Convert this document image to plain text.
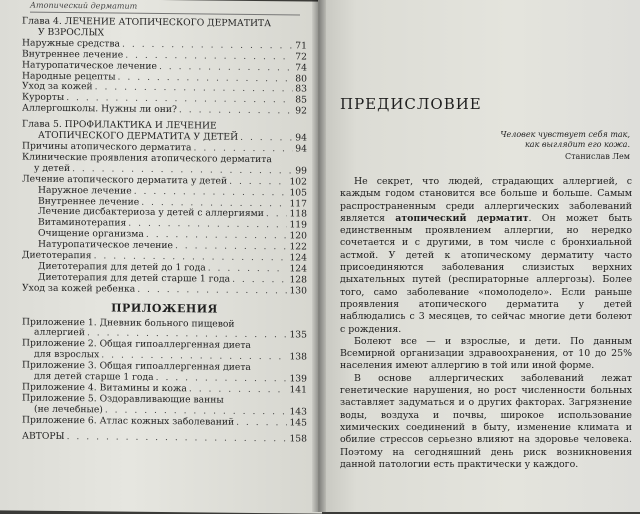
Атопический дерматит
Глава 4. ЛЕЧЕНИЕ АТОПИЧЕСКОГО ДЕРМАТИТА
У ВЗРОСЛЫХ
Наружные средства . . .	71
Внутреннее лечение . . .	72
Натуропатическое лечение . . .	74
Народные рецепты . . .	80
Уход за кожей . . .	83
Курорты . . .	85
Аллергошколы. Нужны ли они? . . .	92
Глава 5. ПРОФИЛАКТИКА И ЛЕЧЕНИЕ
АТОПИЧЕСКОГО ДЕРМАТИТА У ДЕТЕЙ . . .	94
Причины атопического дерматита . . .	94
Клинические проявления атопического дерматита
у детей . . .	99
Лечение атопического дерматита у детей . . .	102
Наружное лечение . . .	105
Внутреннее лечение . . .	117
Лечение дисбактериоза у детей с аллергиями . . .	118
Витаминотерапия . . .	119
Очищение организма . . .	120
Натуропатическое лечение . . .	122
Диетотерапия . . .	124
Диетотерапия для детей до 1 года . . .	124
Диетотерапия для детей старше 1 года . . .	128
Уход за кожей ребенка . . .	130
ПРИЛОЖЕНИЯ
Приложение 1. Дневник больного пищевой
аллергией . . .	135
Приложение 2. Общая гипоаллергенная диета
для взрослых . . .	138
Приложение 3. Общая гипоаллергенная диета
для детей старше 1 года . . .	139
Приложение 4. Витамины и кожа . . .	141
Приложение 5. Оздоравливающие ванны
(не лечебные) . . .	143
Приложение 6. Атлас кожных заболеваний . . .	145
АВТОРЫ . . .	158
ПРЕДИСЛОВИЕ
Человек чувствует себя так,
как выглядит его кожа.
Станислав Лем

Не секрет, что людей, страдающих аллергией, с каждым годом становится все больше и больше. Самым распространенным среди аллергических заболеваний является атопический дерматит. Он может быть единственным проявлением аллергии, но нередко сочетается и с другими, в том числе с бронхиальной астмой. У детей к атопическому дерматиту часто присоединяются заболевания слизистых верхних дыхательных путей (респираторные аллергозы). Более того, само заболевание «помолодело». Если раньше проявления атопического дерматита у детей наблюдались с 3 месяцев, то сейчас многие дети болеют с рождения.

Болеют все — и взрослые, и дети. По данным Всемирной организации здравоохранения, от 10 до 25% населения имеют аллергию в той или иной форме.

В основе аллергических заболеваний лежат генетические нарушения, но рост численности больных заставляет задуматься и о других факторах. Загрязнение воды, воздуха и почвы, широкое использование химических соединений в быту, изменение климата и обилие стрессов серьезно влияют на здоровье человека. Поэтому на сегодняшний день риск возникновения данной патологии есть практически у каждого.
